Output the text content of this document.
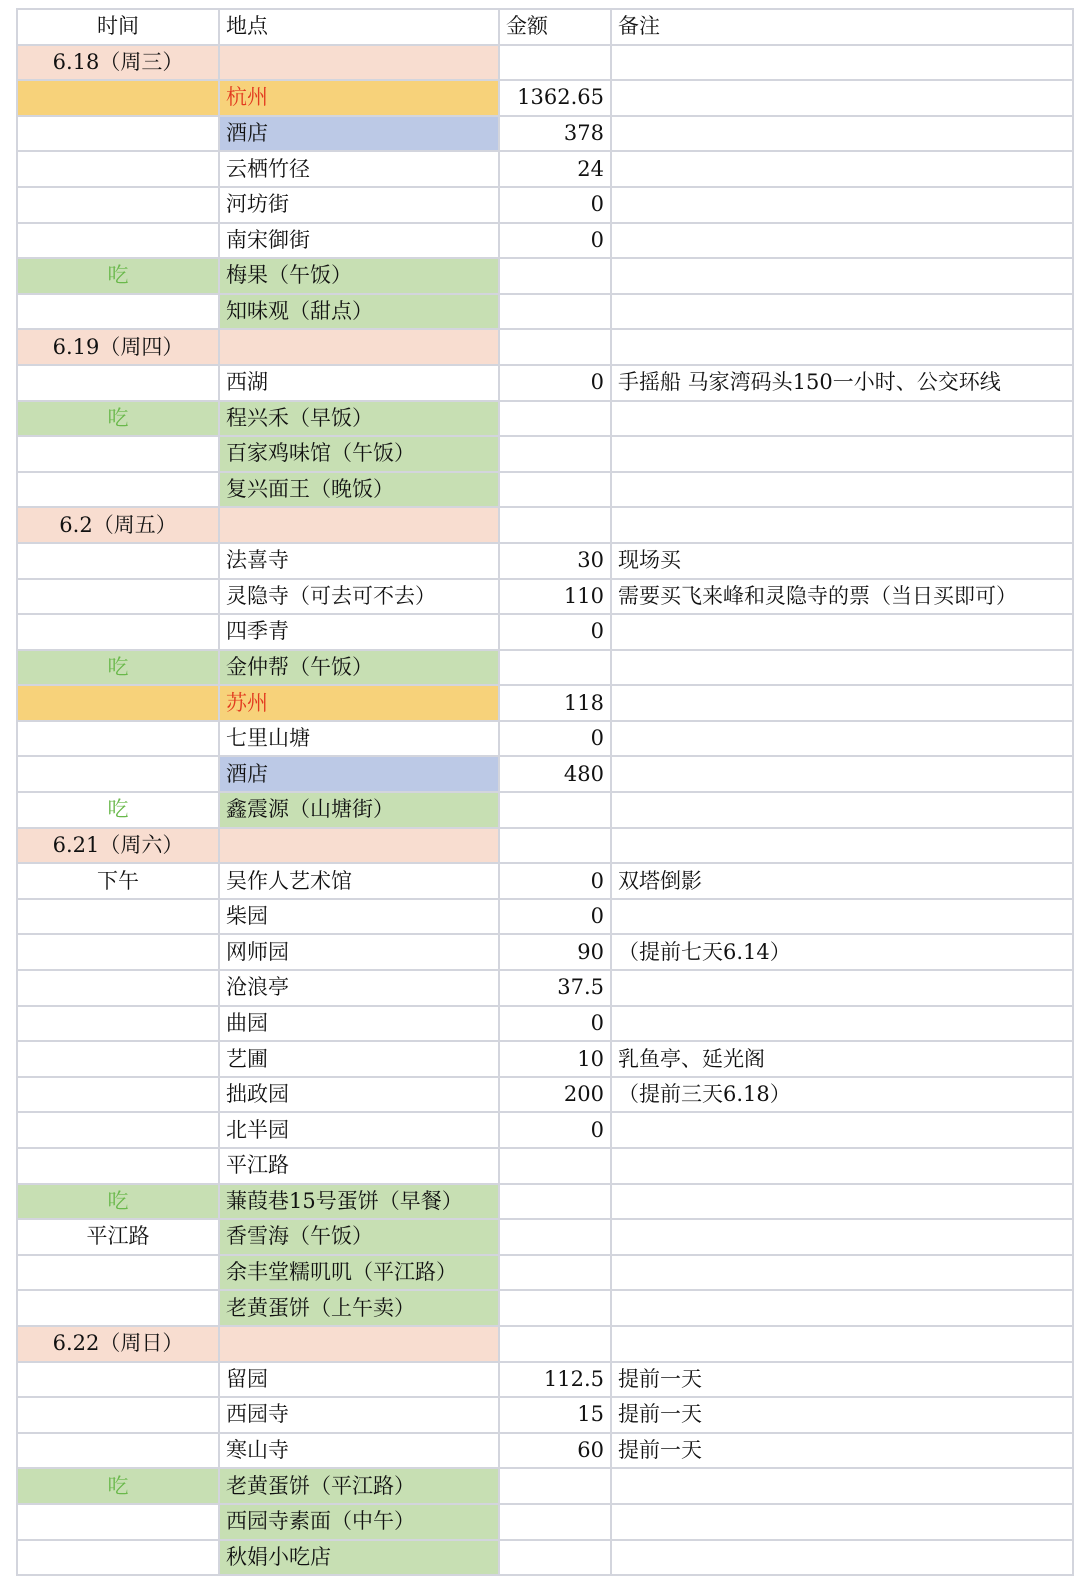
时间	地点	金额	备注
6.18（周三）			
	杭州	1362.65	
	酒店	378	
	云栖竹径	24	
	河坊街	0	
	南宋御街	0	
吃	梅果（午饭）		
	知味观（甜点）		
6.19（周四）			
	西湖	0	手摇船 马家湾码头150一小时、公交环线
吃	程兴禾（早饭）		
	百家鸡味馆（午饭）		
	复兴面王（晚饭）		
6.2（周五）			
	法喜寺	30	现场买
	灵隐寺（可去可不去）	110	需要买飞来峰和灵隐寺的票（当日买即可）
	四季青	0	
吃	金仲帮（午饭）		
	苏州	118	
	七里山塘	0	
	酒店	480	
吃	鑫震源（山塘街）		
6.21（周六）			
下午	吴作人艺术馆	0	双塔倒影
	柴园	0	
	网师园	90	（提前七天6.14）
	沧浪亭	37.5	
	曲园	0	
	艺圃	10	乳鱼亭、延光阁
	拙政园	200	（提前三天6.18）
	北半园	0	
	平江路		
吃	蒹葭巷15号蛋饼（早餐）		
平江路	香雪海（午饭）		
	余丰堂糯叽叽（平江路）		
	老黄蛋饼（上午卖）		
6.22（周日）			
	留园	112.5	提前一天
	西园寺	15	提前一天
	寒山寺	60	提前一天
吃	老黄蛋饼（平江路）		
	西园寺素面（中午）		
	秋娟小吃店		
